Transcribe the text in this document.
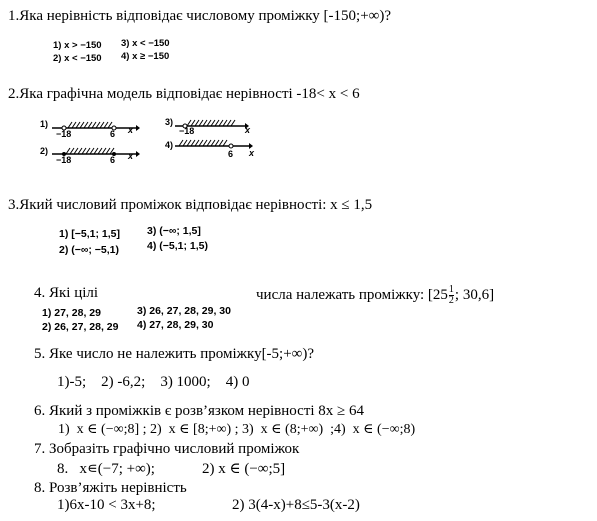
1.Яка нерівність відповідає числовому проміжку [-150;+∞)?
1) x > −150 3) x < −150
2) x < −150 4) x ≥ −150
2.Яка графічна модель відповідає нерівності -18< x < 6
1)
−18	6 x
2)
−18	6 x
3)
−18	x
4)
6 x
3.Який числовий проміжок відповідає нерівності: x ≤ 1,5
1) [−5,1; 1,5]	3) (−∞; 1,5]
2) (−∞; −5,1)	4) (−5,1; 1,5)
4. Які цілі	числа належать проміжку: [$25 \frac{1}{2}$ ; 30,6]
1) 27, 28, 29	3) 26, 27, 28, 29, 30
2) 26, 27, 28, 29 4) 27, 28, 29, 30
5. Яке число не належить проміжку[-5;+∞)?
1)-5;    2) -6,2;    3) 1000;    4) 0
6. Який з проміжків є розв’язком нерівності 8x ≥ 64
1)  x ∈ (−∞;8] ; 2)  x ∈ [8;+∞) ; 3)  x ∈ (8;+∞)  ;4)  x ∈ (−∞;8)
7. Зобразіть графічно числовий проміжок
8.   x∊(−7; +∞);	2) x ∈ (−∞;5]
8. Розв’яжіть нерівність
1)6x-10 < 3x+8;	2) 3(4-x)+8≤5-3(x-2)
